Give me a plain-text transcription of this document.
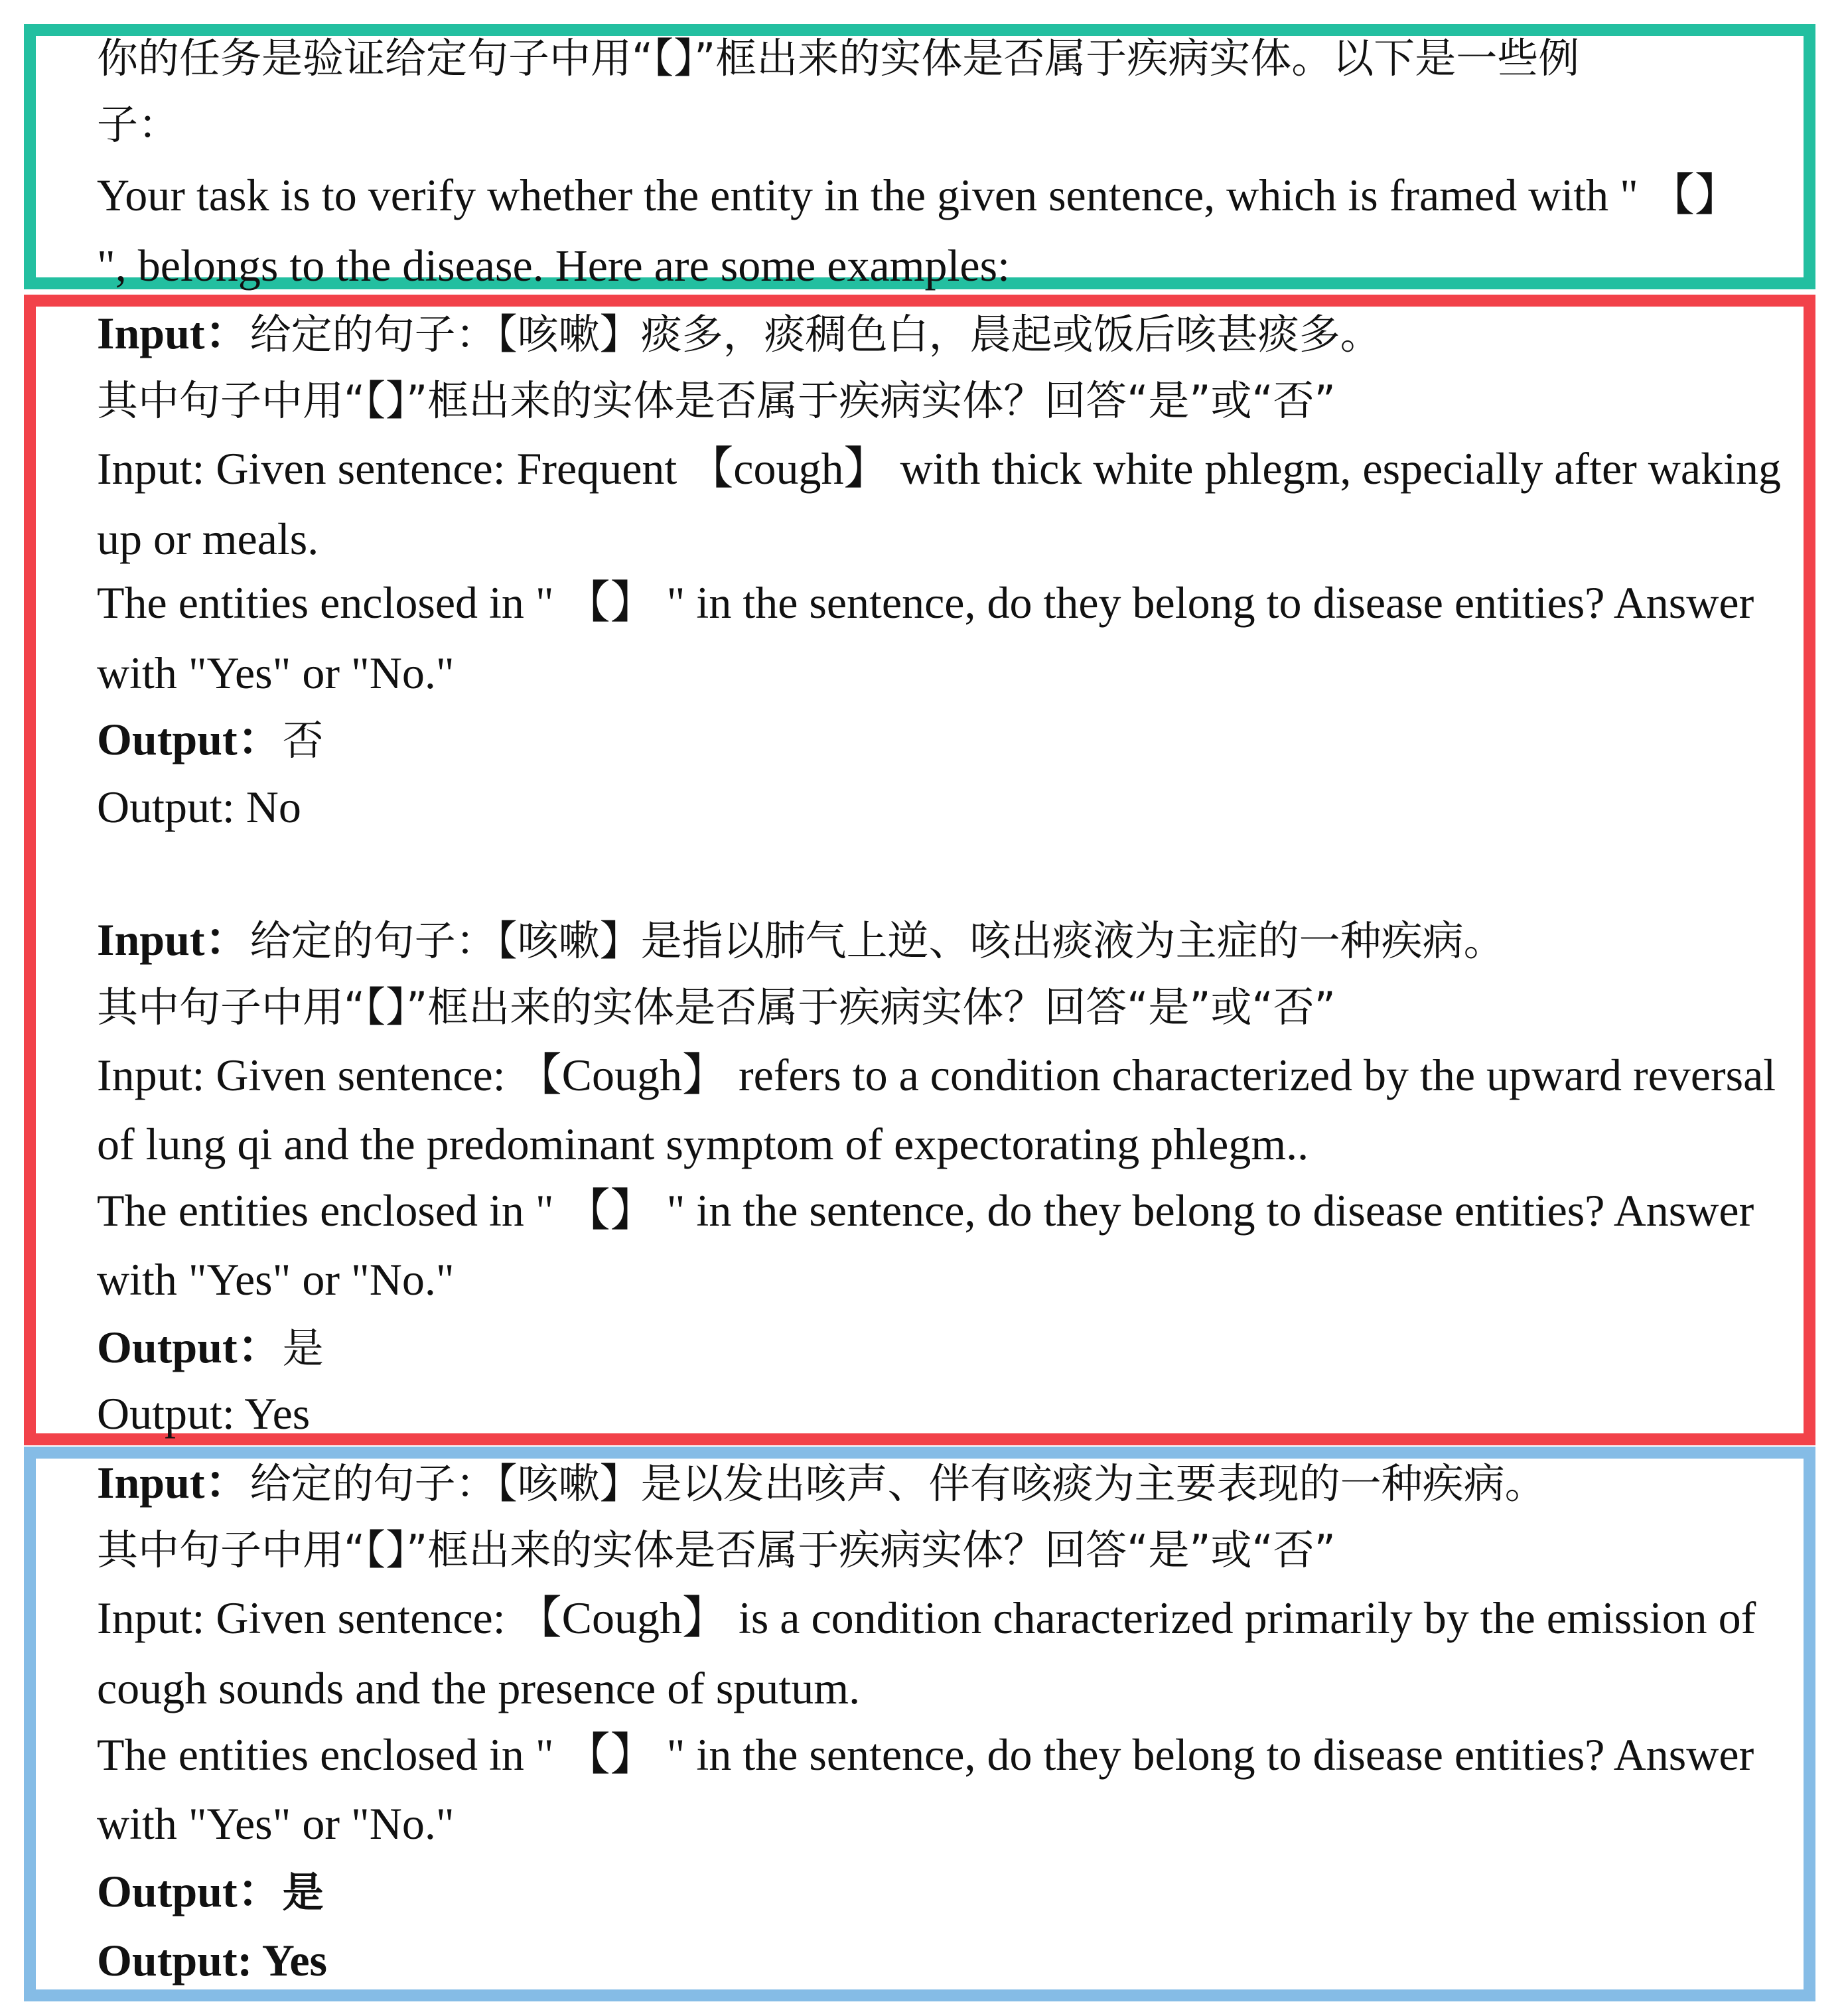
你的任务是验证给定句子中用“【】”框出来的实体是否属于疾病实体。以下是一些例
子：
Your task is to verify whether the entity in the given sentence, which is framed with " 【】
", belongs to the disease. Here are some examples:
Input：给定的句子：【咳嗽】痰多，痰稠色白，晨起或饭后咳甚痰多。
其中句子中用“【】”框出来的实体是否属于疾病实体？回答“是”或“否”
Input: Given sentence: Frequent 【cough】 with thick white phlegm, especially after waking
up or meals.
The entities enclosed in " 【】 " in the sentence, do they belong to disease entities? Answer
with "Yes" or "No."
Output：否
Output: No
Input：给定的句子：【咳嗽】是指以肺气上逆、咳出痰液为主症的一种疾病。
其中句子中用“【】”框出来的实体是否属于疾病实体？回答“是”或“否”
Input: Given sentence: 【Cough】 refers to a condition characterized by the upward reversal
of lung qi and the predominant symptom of expectorating phlegm..
The entities enclosed in " 【】 " in the sentence, do they belong to disease entities? Answer
with "Yes" or "No."
Output：是
Output: Yes
Input：给定的句子：【咳嗽】是以发出咳声、伴有咳痰为主要表现的一种疾病。
其中句子中用“【】”框出来的实体是否属于疾病实体？回答“是”或“否”
Input: Given sentence: 【Cough】 is a condition characterized primarily by the emission of
cough sounds and the presence of sputum.
The entities enclosed in " 【】 " in the sentence, do they belong to disease entities? Answer
with "Yes" or "No."
Output：是
Output: Yes
